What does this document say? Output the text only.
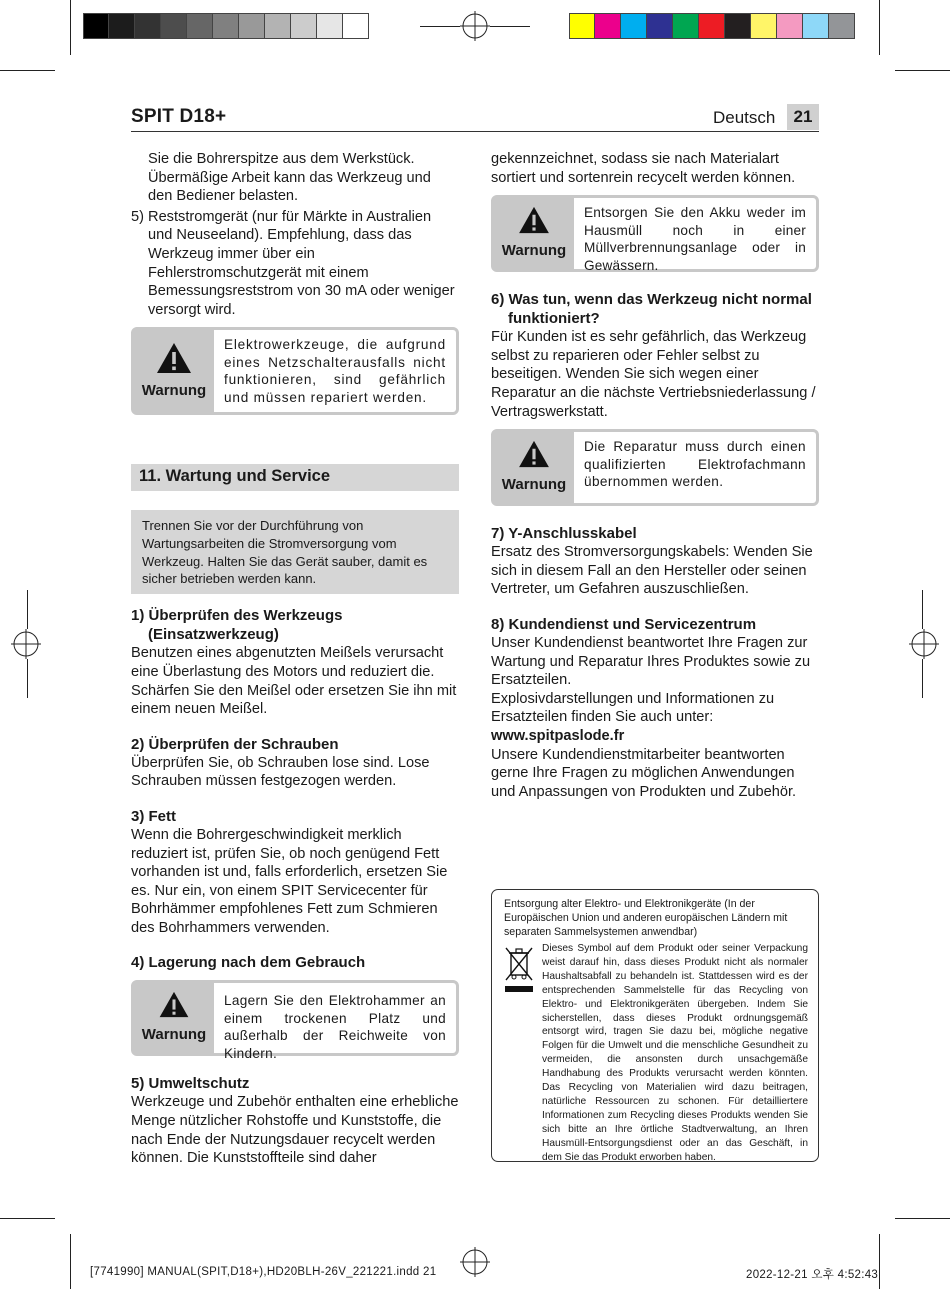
SPIT D18+	Deutsch	21

Sie die Bohrerspitze aus dem Werkstück. Übermäßige Arbeit kann das Werkzeug und den Bediener belasten.

5) Reststromgerät (nur für Märkte in Australien und Neuseeland). Empfehlung, dass das Werkzeug immer über ein Fehlerstromschutzgerät mit einem Bemessungsreststrom von 30 mA oder weniger versorgt wird.

Warnung
Elektrowerkzeuge, die aufgrund eines Netzschalterausfalls nicht funktionieren, sind gefährlich und müssen repariert werden.
11. Wartung und Service
Trennen Sie vor der Durchführung von Wartungsarbeiten die Stromversorgung vom Werkzeug. Halten Sie das Gerät sauber, damit es sicher betrieben werden kann.
1) Überprüfen des Werkzeugs
(Einsatzwerkzeug)

Benutzen eines abgenutzten Meißels verursacht eine Überlastung des Motors und reduziert die. Schärfen Sie den Meißel oder ersetzen Sie ihn mit einem neuen Meißel.

2) Überprüfen der Schrauben

Überprüfen Sie, ob Schrauben lose sind. Lose Schrauben müssen festgezogen werden.

3) Fett

Wenn die Bohrergeschwindigkeit merklich reduziert ist, prüfen Sie, ob noch genügend Fett vorhanden ist und, falls erforderlich, ersetzen Sie es. Nur ein, von einem SPIT Servicecenter für Bohrhämmer empfohlenes Fett zum Schmieren des Bohrhammers verwenden.

4) Lagerung nach dem Gebrauch
Warnung
Lagern Sie den Elektrohammer an einem trockenen Platz und außerhalb der Reichweite von Kindern.
5) Umweltschutz

Werkzeuge und Zubehör enthalten eine erhebliche Menge nützlicher Rohstoffe und Kunststoffe, die nach Ende der Nutzungsdauer recycelt werden können. Die Kunststoffteile sind daher

gekennzeichnet, sodass sie nach Materialart sortiert und sortenrein recycelt werden können.

Warnung
Entsorgen Sie den Akku weder im Hausmüll noch in einer Müllverbrennungsanlage oder in Gewässern.
6) Was tun, wenn das Werkzeug nicht normal
funktioniert?

Für Kunden ist es sehr gefährlich, das Werkzeug selbst zu reparieren oder Fehler selbst zu beseitigen. Wenden Sie sich wegen einer Reparatur an die nächste Vertriebsniederlassung / Vertragswerkstatt.

Warnung
Die Reparatur muss durch einen qualifizierten Elektrofachmann übernommen werden.
7) Y-Anschlusskabel

Ersatz des Stromversorgungskabels: Wenden Sie sich in diesem Fall an den Hersteller oder seinen Vertreter, um Gefahren auszuschließen.

8) Kundendienst und Servicezentrum

Unser Kundendienst beantwortet Ihre Fragen zur Wartung und Reparatur Ihres Produktes sowie zu Ersatzteilen.

Explosivdarstellungen und Informationen zu Ersatzteilen finden Sie auch unter:

www.spitpaslode.fr

Unsere Kundendienstmitarbeiter beantworten gerne Ihre Fragen zu möglichen Anwendungen und Anpassungen von Produkten und Zubehör.

Entsorgung alter Elektro- und Elektronikgeräte (In der Europäischen Union und anderen europäischen Ländern mit separaten Sammelsystemen anwendbar)
Dieses Symbol auf dem Produkt oder seiner Verpackung weist darauf hin, dass dieses Produkt nicht als normaler Haushaltsabfall zu behandeln ist. Stattdessen wird es der entsprechenden Sammelstelle für das Recycling von Elektro- und Elektronikgeräten übergeben. Indem Sie sicherstellen, dass dieses Produkt ordnungsgemäß entsorgt wird, tragen Sie dazu bei, mögliche negative Folgen für die Umwelt und die menschliche Gesundheit zu vermeiden, die ansonsten durch unsachgemäße Handhabung des Produkts verursacht werden könnten. Das Recycling von Materialien wird dazu beitragen, natürliche Ressourcen zu schonen. Für detailliertere Informationen zum Recycling dieses Produkts wenden Sie sich bitte an Ihre örtliche Stadtverwaltung, an Ihren Hausmüll-Entsorgungsdienst oder an das Geschäft, in dem Sie das Produkt erworben haben.
[7741990] MANUAL(SPIT,D18+),HD20BLH-26V_221221.indd 21	2022-12-21 오후 4:52:43
